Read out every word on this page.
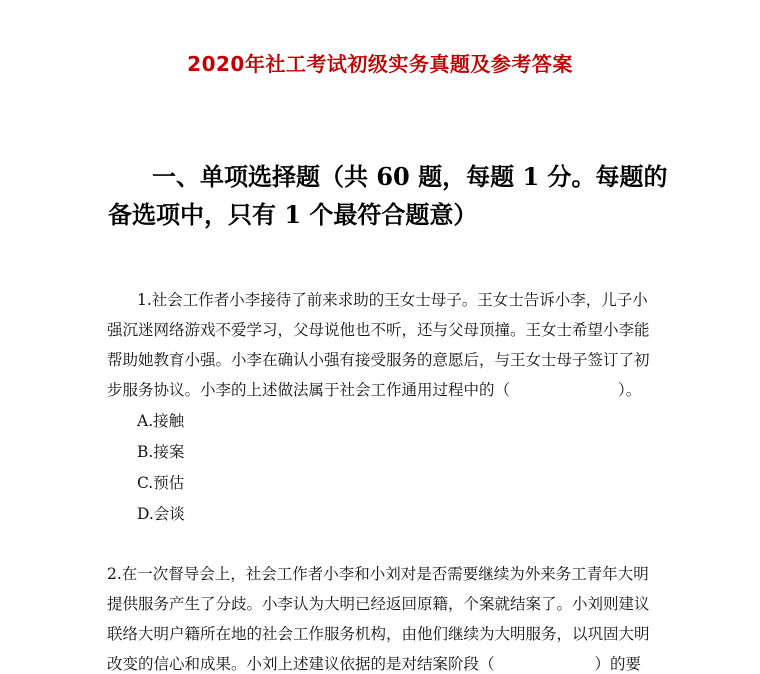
2020年社工考试初级实务真题及参考答案
一、单项选择题（共 60 题，每题 1 分。每题的
备选项中，只有 1 个最符合题意）
1.社会工作者小李接待了前来求助的王女士母子。王女士告诉小李，儿子小
强沉迷网络游戏不爱学习，父母说他也不听，还与父母顶撞。王女士希望小李能
帮助她教育小强。小李在确认小强有接受服务的意愿后，与王女士母子签订了初
步服务协议。小李的上述做法属于社会工作通用过程中的（	）。
A.接触
B.接案
C.预估
D.会谈
2.在一次督导会上，社会工作者小李和小刘对是否需要继续为外来务工青年大明
提供服务产生了分歧。小李认为大明已经返回原籍，个案就结案了。小刘则建议
联络大明户籍所在地的社会工作服务机构，由他们继续为大明服务，以巩固大明
改变的信心和成果。小刘上述建议依据的是对结案阶段（	）的要
